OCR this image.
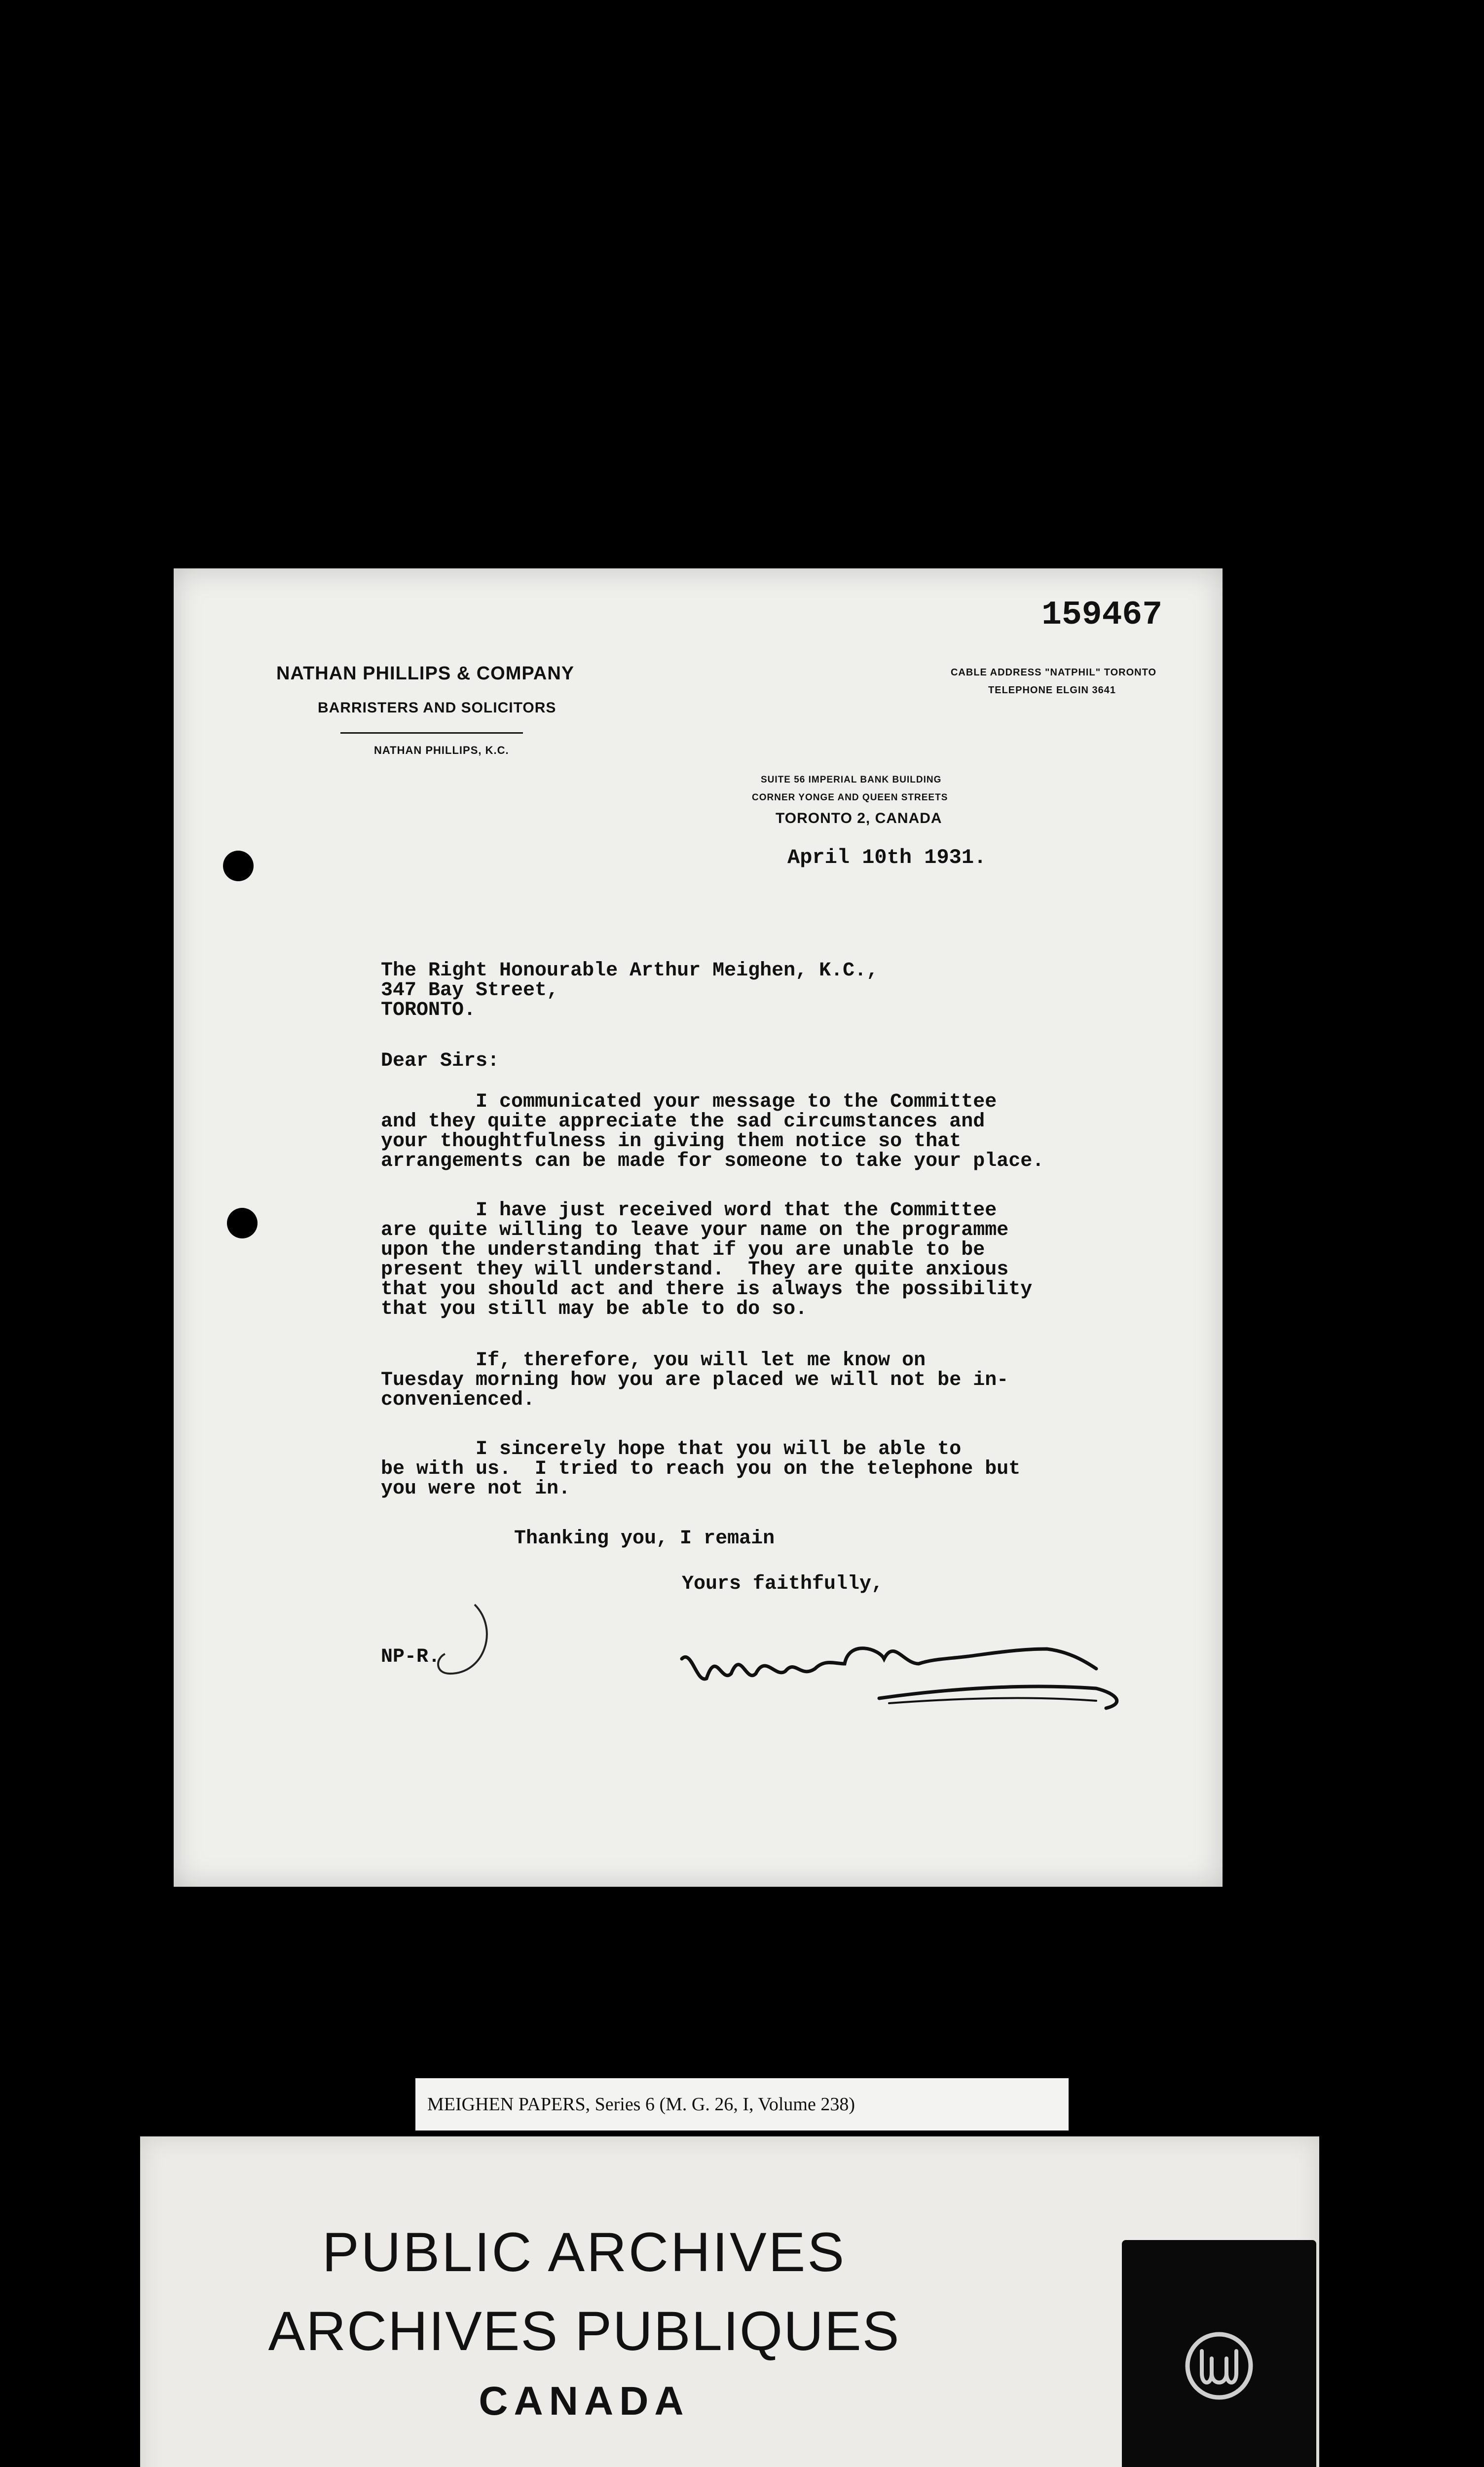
159467
NATHAN PHILLIPS & COMPANY
BARRISTERS AND SOLICITORS
NATHAN PHILLIPS, K.C.
CABLE ADDRESS "NATPHIL" TORONTO
TELEPHONE ELGIN 3641
SUITE 56 IMPERIAL BANK BUILDING
CORNER YONGE AND QUEEN STREETS
TORONTO 2, CANADA
April 10th 1931.
The Right Honourable Arthur Meighen, K.C.,
347 Bay Street,
TORONTO.
Dear Sirs:
I communicated your message to the Committee
and they quite appreciate the sad circumstances and
your thoughtfulness in giving them notice so that
arrangements can be made for someone to take your place.
I have just received word that the Committee
are quite willing to leave your name on the programme
upon the understanding that if you are unable to be
present they will understand.  They are quite anxious
that you should act and there is always the possibility
that you still may be able to do so.
If, therefore, you will let me know on
Tuesday morning how you are placed we will not be in-
convenienced.
I sincerely hope that you will be able to
be with us.  I tried to reach you on the telephone but
you were not in.
Thanking you, I remain
Yours faithfully,
NP-R.
MEIGHEN PAPERS, Series 6 (M. G. 26, I, Volume 238)
PUBLIC ARCHIVES
ARCHIVES PUBLIQUES
CANADA
